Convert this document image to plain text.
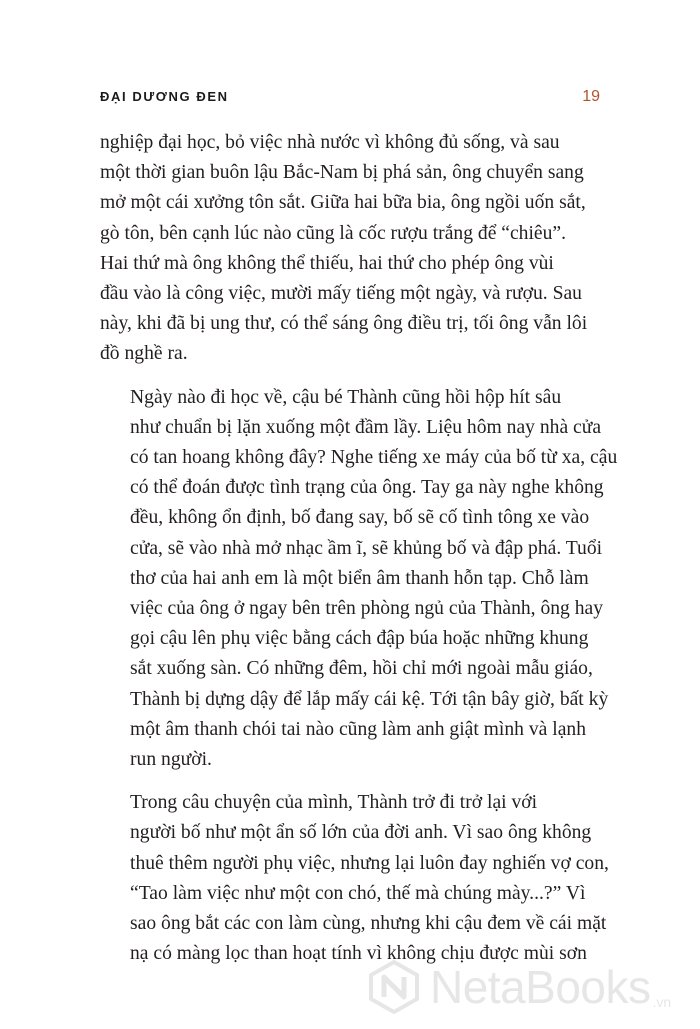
ĐẠI DƯƠNG ĐEN	19

nghiệp đại học, bỏ việc nhà nước vì không đủ sống, và sau
một thời gian buôn lậu Bắc-Nam bị phá sản, ông chuyển sang
mở một cái xưởng tôn sắt. Giữa hai bữa bia, ông ngồi uốn sắt,
gò tôn, bên cạnh lúc nào cũng là cốc rượu trắng để “chiêu”.
Hai thứ mà ông không thể thiếu, hai thứ cho phép ông vùi
đầu vào là công việc, mười mấy tiếng một ngày, và rượu. Sau
này, khi đã bị ung thư, có thể sáng ông điều trị, tối ông vẫn lôi
đồ nghề ra.

Ngày nào đi học về, cậu bé Thành cũng hồi hộp hít sâu
như chuẩn bị lặn xuống một đầm lầy. Liệu hôm nay nhà cửa
có tan hoang không đây? Nghe tiếng xe máy của bố từ xa, cậu
có thể đoán được tình trạng của ông. Tay ga này nghe không
đều, không ổn định, bố đang say, bố sẽ cố tình tông xe vào
cửa, sẽ vào nhà mở nhạc ầm ĩ, sẽ khủng bố và đập phá. Tuổi
thơ của hai anh em là một biển âm thanh hỗn tạp. Chỗ làm
việc của ông ở ngay bên trên phòng ngủ của Thành, ông hay
gọi cậu lên phụ việc bằng cách đập búa hoặc những khung
sắt xuống sàn. Có những đêm, hồi chỉ mới ngoài mẫu giáo,
Thành bị dựng dậy để lắp mấy cái kệ. Tới tận bây giờ, bất kỳ
một âm thanh chói tai nào cũng làm anh giật mình và lạnh
run người.

Trong câu chuyện của mình, Thành trở đi trở lại với
người bố như một ẩn số lớn của đời anh. Vì sao ông không
thuê thêm người phụ việc, nhưng lại luôn đay nghiến vợ con,
“Tao làm việc như một con chó, thế mà chúng mày...?” Vì
sao ông bắt các con làm cùng, nhưng khi cậu đem về cái mặt
nạ có màng lọc than hoạt tính vì không chịu được mùi sơn

NetaBooks .vn
